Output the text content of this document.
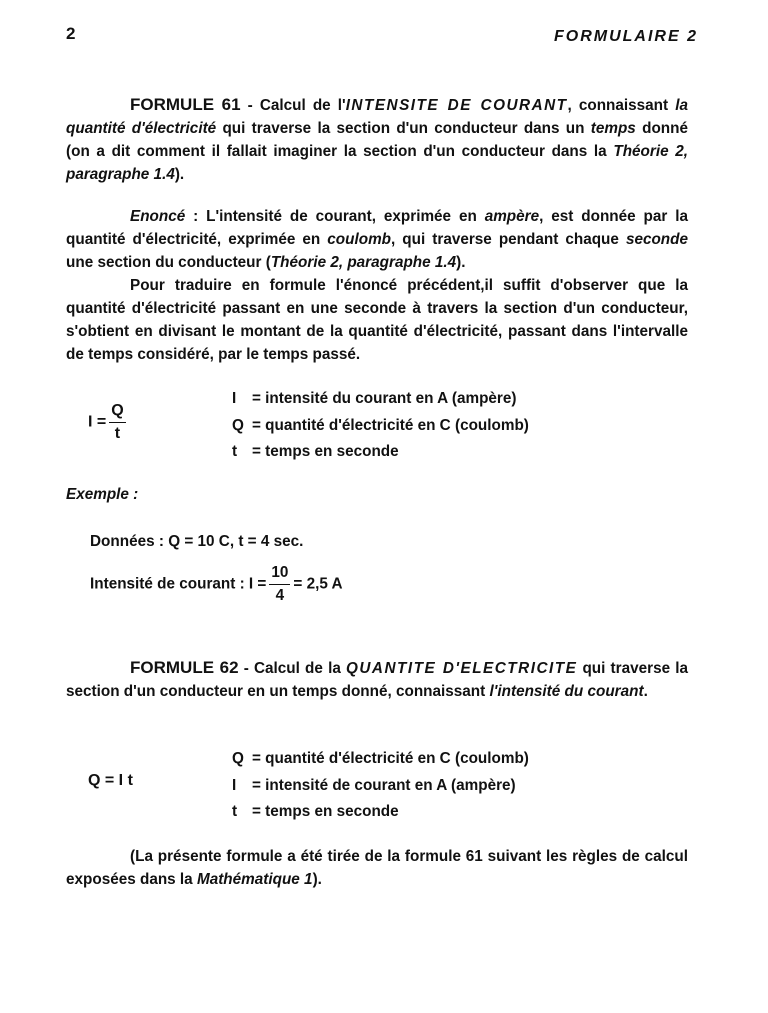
2	FORMULAIRE 2

FORMULE 61 - Calcul de l'INTENSITE DE COURANT, connaissant la quantité d'électricité qui traverse la section d'un conducteur dans un temps donné (on a dit comment il fallait imaginer la section d'un conducteur dans la Théorie 2, paragraphe 1.4).

Enoncé : L'intensité de courant, exprimée en ampère, est donnée par la quantité d'électricité, exprimée en coulomb, qui traverse pendant chaque seconde une section du conducteur (Théorie 2, paragraphe 1.4).

Pour traduire en formule l'énoncé précédent,il suffit d'observer que la quantité d'électricité passant en une seconde à travers la section d'un conducteur, s'obtient en divisant le montant de la quantité d'électricité, passant dans l'intervalle de temps considéré, par le temps passé.

$I = \frac{Q}{t}$
I = intensité du courant en A (ampère)
Q = quantité d'électricité en C (coulomb)
t = temps en seconde
Exemple :
Données : Q = 10 C, t = 4 sec.
Intensité de courant : $I = \frac{10}{4} = 2,5$ A

FORMULE 62 - Calcul de la QUANTITE D'ELECTRICITE qui traverse la section d'un conducteur en un temps donné, connaissant l'intensité du courant.

Q = I t
Q = quantité d'électricité en C (coulomb)
I = intensité de courant en A (ampère)
t = temps en seconde

(La présente formule a été tirée de la formule 61 suivant les règles de calcul exposées dans la Mathématique 1).
